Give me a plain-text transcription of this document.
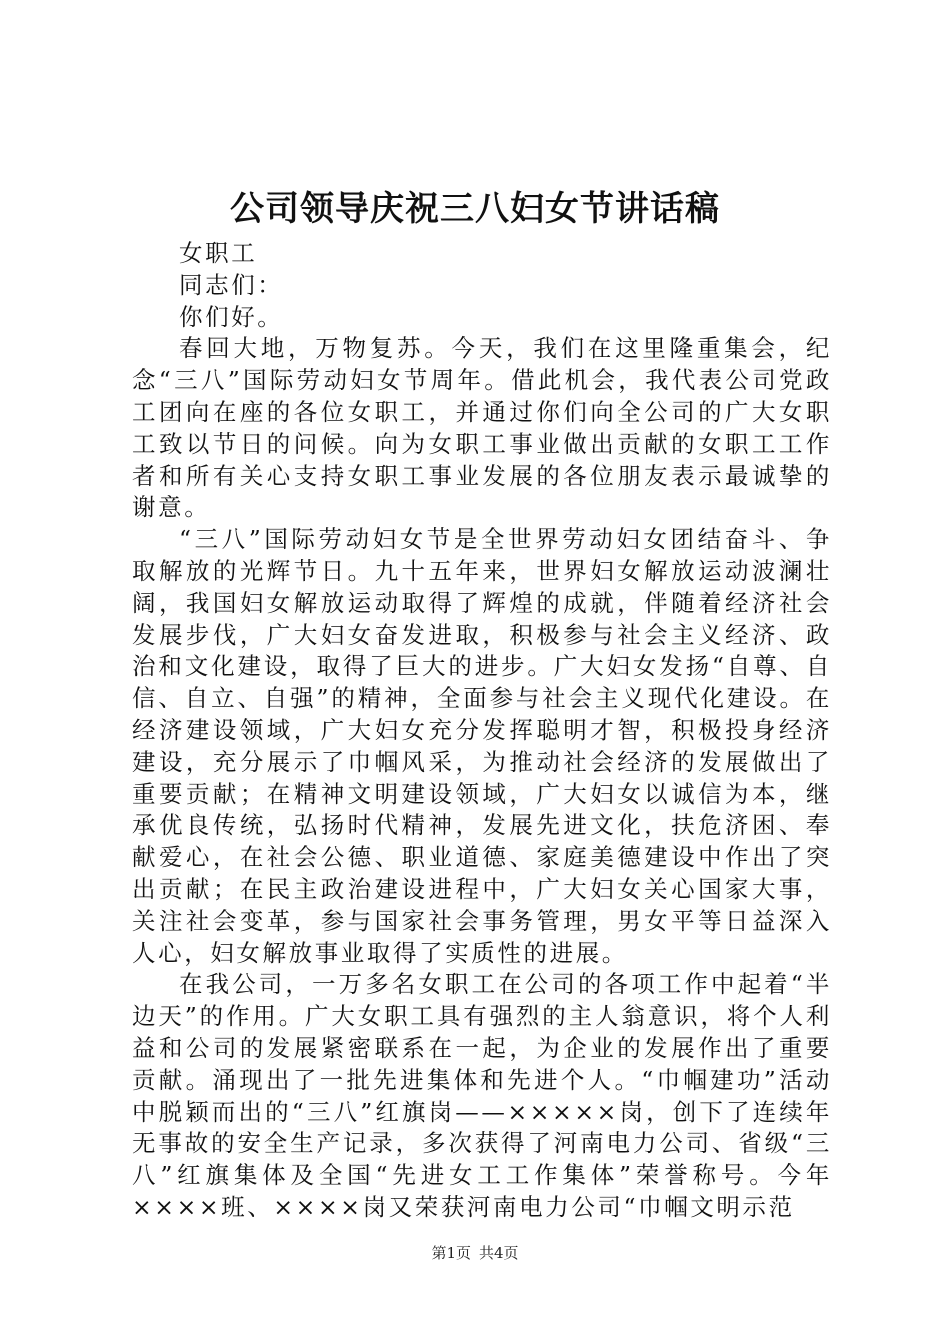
公司领导庆祝三八妇女节讲话稿

女职工

同志们：

你们好。

春回大地，万物复苏。今天，我们在这里隆重集会，纪念“三八”国际劳动妇女节周年。借此机会，我代表公司党政工团向在座的各位女职工，并通过你们向全公司的广大女职工致以节日的问候。向为女职工事业做出贡献的女职工工作者和所有关心支持女职工事业发展的各位朋友表示最诚挚的谢意。

“三八”国际劳动妇女节是全世界劳动妇女团结奋斗、争取解放的光辉节日。九十五年来，世界妇女解放运动波澜壮阔，我国妇女解放运动取得了辉煌的成就，伴随着经济社会发展步伐，广大妇女奋发进取，积极参与社会主义经济、政治和文化建设，取得了巨大的进步。广大妇女发扬“自尊、自信、自立、自强”的精神，全面参与社会主义现代化建设。在经济建设领域，广大妇女充分发挥聪明才智，积极投身经济建设，充分展示了巾帼风采，为推动社会经济的发展做出了重要贡献；在精神文明建设领域，广大妇女以诚信为本，继承优良传统，弘扬时代精神，发展先进文化，扶危济困、奉献爱心，在社会公德、职业道德、家庭美德建设中作出了突出贡献；在民主政治建设进程中，广大妇女关心国家大事，关注社会变革，参与国家社会事务管理，男女平等日益深入人心，妇女解放事业取得了实质性的进展。

在我公司，一万多名女职工在公司的各项工作中起着“半边天”的作用。广大女职工具有强烈的主人翁意识，将个人利益和公司的发展紧密联系在一起，为企业的发展作出了重要贡献。涌现出了一批先进集体和先进个人。“巾帼建功”活动中脱颖而出的“三八”红旗岗——×××××岗，创下了连续年无事故的安全生产记录，多次获得了河南电力公司、省级“三八”红旗集体及全国“先进女工工作集体”荣誉称号。今年××××班、××××岗又荣获河南电力公司“巾帼文明示范

第1页 共4页
